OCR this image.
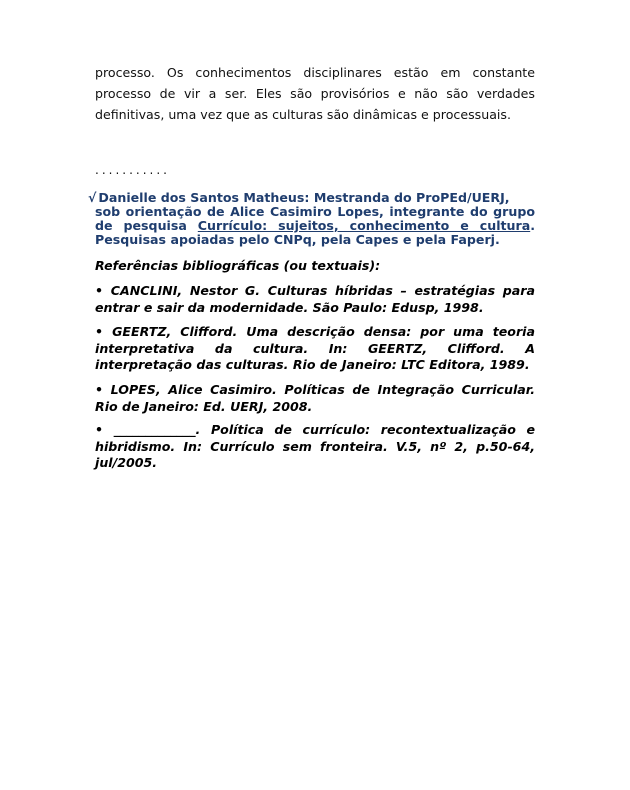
processo. Os conhecimentos disciplinares estão em constante processo de vir a ser. Eles são provisórios e não são verdades definitivas, uma vez que as culturas são dinâmicas e processuais.
...........
√ Danielle dos Santos Matheus: Mestranda do ProPEd/UERJ,
sob orientação de Alice Casimiro Lopes, integrante do grupo
de pesquisa Currículo: sujeitos, conhecimento e cultura.
Pesquisas apoiadas pelo CNPq, pela Capes e pela Faperj.
Referências bibliográficas (ou textuais):
• CANCLINI, Nestor G. Culturas híbridas – estratégias para entrar e sair da modernidade. São Paulo: Edusp, 1998.
• GEERTZ, Clifford. Uma descrição densa: por uma teoria interpretativa da cultura. In: GEERTZ, Clifford. A interpretação das culturas. Rio de Janeiro: LTC Editora, 1989.
• LOPES, Alice Casimiro. Políticas de Integração Curricular. Rio de Janeiro: Ed. UERJ, 2008.
• _____________. Política de currículo: recontextualização e hibridismo. In: Currículo sem fronteira. V.5, nº 2, p.50-64, jul/2005.
